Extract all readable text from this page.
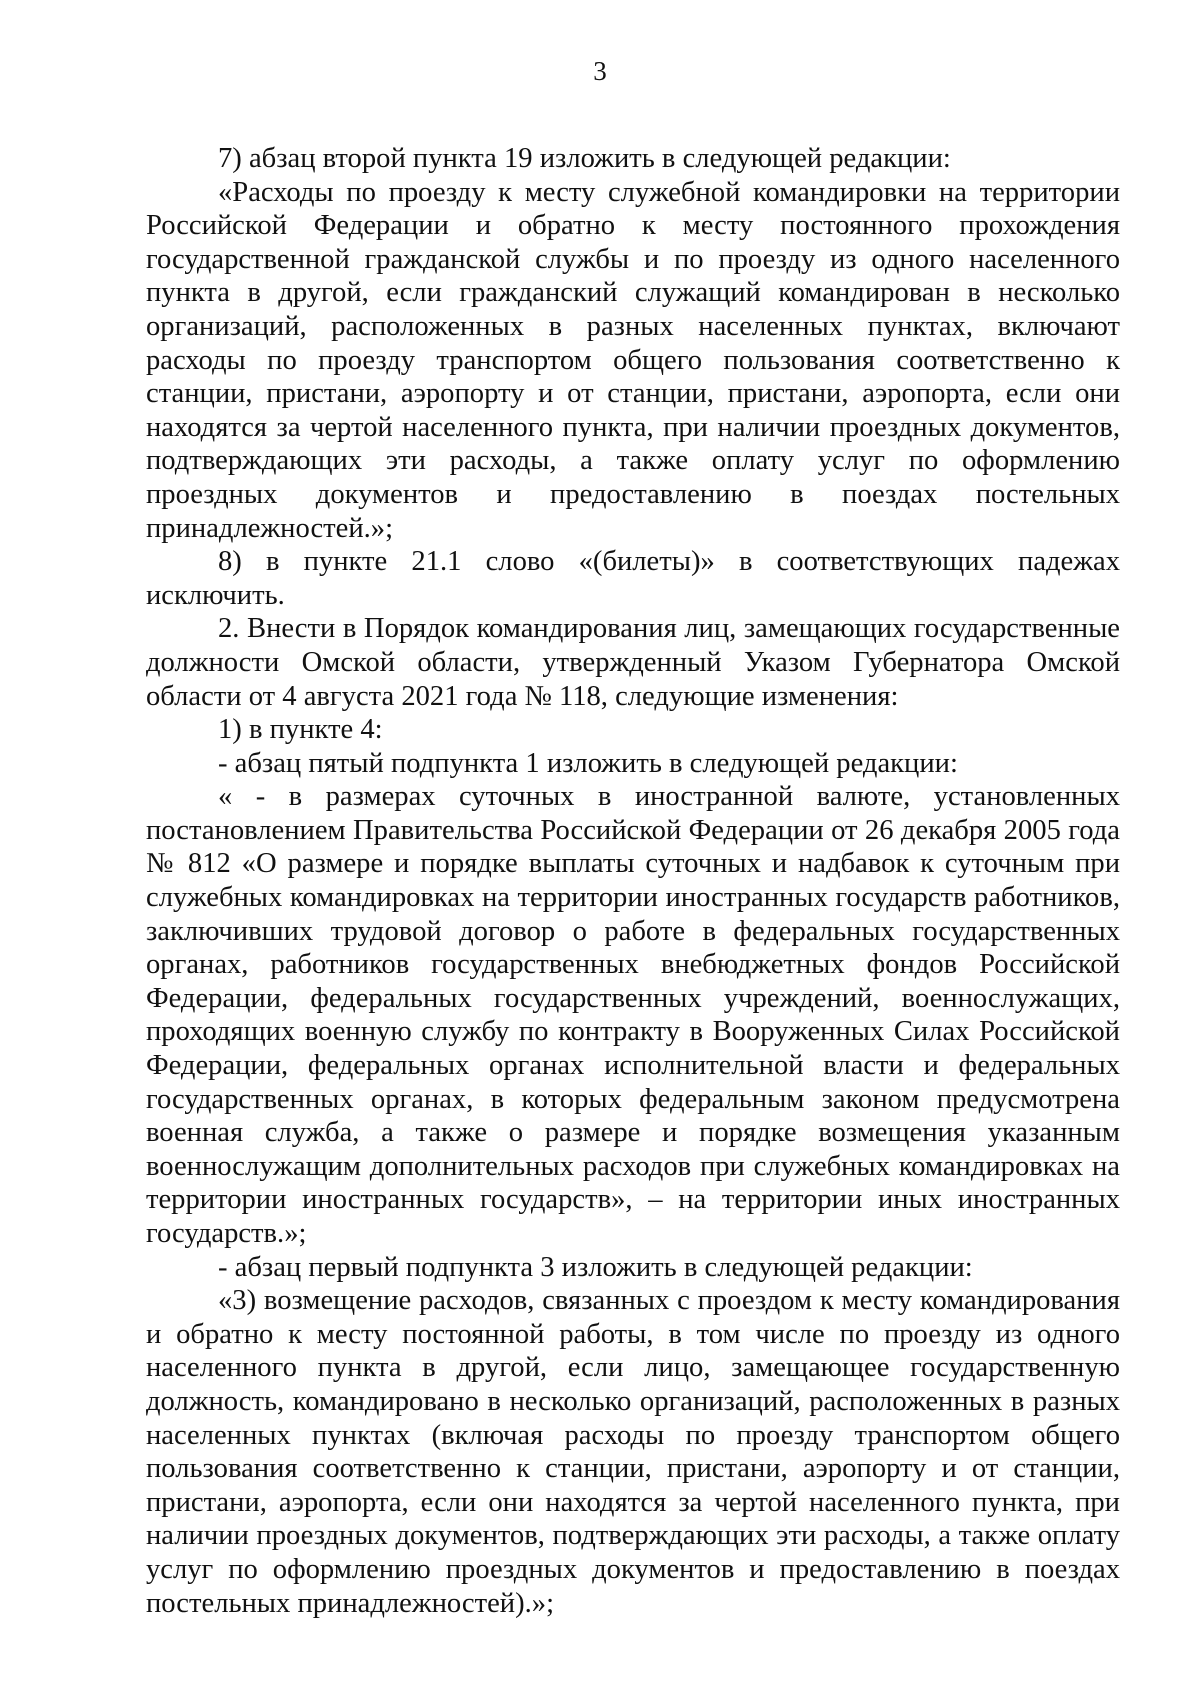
3

7) абзац второй пункта 19 изложить в следующей редакции:

«Расходы по проезду к месту служебной командировки на территории Российской Федерации и обратно к месту постоянного прохождения государственной гражданской службы и по проезду из одного населенного пункта в другой, если гражданский служащий командирован в несколько организаций, расположенных в разных населенных пунктах, включают расходы по проезду транспортом общего пользования соответственно к станции, пристани, аэропорту и от станции, пристани, аэропорта, если они находятся за чертой населенного пункта, при наличии проездных документов, подтверждающих эти расходы, а также оплату услуг по оформлению проездных документов и предоставлению в поездах постельных принадлежностей.»;

8) в пункте 21.1 слово «(билеты)» в соответствующих падежах исключить.

2. Внести в Порядок командирования лиц, замещающих государственные должности Омской области, утвержденный Указом Губернатора Омской области от 4 августа 2021 года № 118, следующие изменения:

1) в пункте 4:

- абзац пятый подпункта 1 изложить в следующей редакции:

« - в размерах суточных в иностранной валюте, установленных постановлением Правительства Российской Федерации от 26 декабря 2005 года № 812 «О размере и порядке выплаты суточных и надбавок к суточным при служебных командировках на территории иностранных государств работников, заключивших трудовой договор о работе в федеральных государственных органах, работников государственных внебюджетных фондов Российской Федерации, федеральных государственных учреждений, военнослужащих, проходящих военную службу по контракту в Вооруженных Силах Российской Федерации, федеральных органах исполнительной власти и федеральных государственных органах, в которых федеральным законом предусмотрена военная служба, а также о размере и порядке возмещения указанным военнослужащим дополнительных расходов при служебных командировках на территории иностранных государств», – на территории иных иностранных государств.»;

- абзац первый подпункта 3 изложить в следующей редакции:

«3) возмещение расходов, связанных с проездом к месту командирования и обратно к месту постоянной работы, в том числе по проезду из одного населенного пункта в другой, если лицо, замещающее государственную должность, командировано в несколько организаций, расположенных в разных населенных пунктах (включая расходы по проезду транспортом общего пользования соответственно к станции, пристани, аэропорту и от станции, пристани, аэропорта, если они находятся за чертой населенного пункта, при наличии проездных документов, подтверждающих эти расходы, а также оплату услуг по оформлению проездных документов и предоставлению в поездах постельных принадлежностей).»;
